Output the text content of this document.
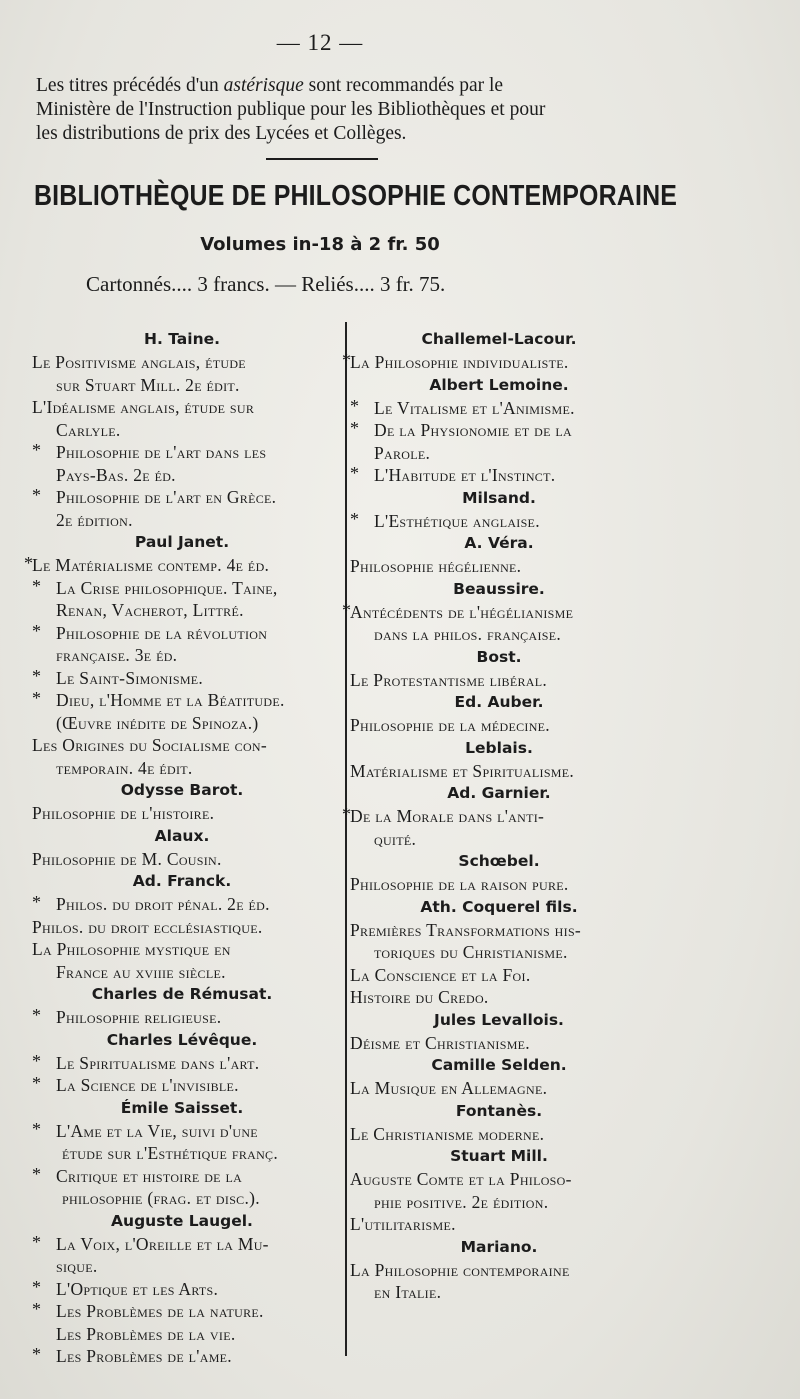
— 12 —
Les titres précédés d'un astérisque sont recommandés par le
Ministère de l'Instruction publique pour les Bibliothèques et pour
les distributions de prix des Lycées et Collèges.
BIBLIOTHÈQUE DE PHILOSOPHIE CONTEMPORAINE
Volumes in-18 à 2 fr. 50
Cartonnés.... 3 francs. — Reliés.... 3 fr. 75.
H. Taine.
Le Positivisme anglais, étude
sur Stuart Mill. 2e édit.
L'Idéalisme anglais, étude sur
Carlyle.
* Philosophie de l'art dans les
Pays-Bas. 2e éd.
* Philosophie de l'art en Grèce.
2e édition.
Paul Janet.
*
Le Matérialisme contemp. 4e éd.
* La Crise philosophique. Taine,
Renan, Vacherot, Littré.
* Philosophie de la révolution
française. 3e éd.
* Le Saint-Simonisme.
* Dieu, l'Homme et la Béatitude.
(Œuvre inédite de Spinoza.)
Les Origines du Socialisme con-
temporain. 4e édit.
Odysse Barot.
Philosophie de l'histoire.
Alaux.
Philosophie de M. Cousin.
Ad. Franck.
* Philos. du droit pénal. 2e éd.
Philos. du droit ecclésiastique.
La Philosophie mystique en
France au xviiie siècle.
Charles de Rémusat.
* Philosophie religieuse.
Charles Lévêque.
* Le Spiritualisme dans l'art.
* La Science de l'invisible.
Émile Saisset.
* L'Ame et la Vie, suivi d'une
étude sur l'Esthétique franç.
* Critique et histoire de la
philosophie (frag. et disc.).
Auguste Laugel.
* La Voix, l'Oreille et la Mu-
sique.
* L'Optique et les Arts.
* Les Problèmes de la nature.
Les Problèmes de la vie.
* Les Problèmes de l'ame.
Challemel-Lacour.
*
La Philosophie individualiste.
Albert Lemoine.
* Le Vitalisme et l'Animisme.
* De la Physionomie et de la
Parole.
* L'Habitude et l'Instinct.
Milsand.
* L'Esthétique anglaise.
A. Véra.
Philosophie hégélienne.
Beaussire.
*
Antécédents de l'hégélianisme
dans la philos. française.
Bost.
Le Protestantisme libéral.
Ed. Auber.
Philosophie de la médecine.
Leblais.
Matérialisme et Spiritualisme.
Ad. Garnier.
*
De la Morale dans l'anti-
quité.
Schœbel.
Philosophie de la raison pure.
Ath. Coquerel fils.
Premières Transformations his-
toriques du Christianisme.
La Conscience et la Foi.
Histoire du Credo.
Jules Levallois.
Déisme et Christianisme.
Camille Selden.
La Musique en Allemagne.
Fontanès.
Le Christianisme moderne.
Stuart Mill.
Auguste Comte et la Philoso-
phie positive. 2e édition.
L'utilitarisme.
Mariano.
La Philosophie contemporaine
en Italie.
